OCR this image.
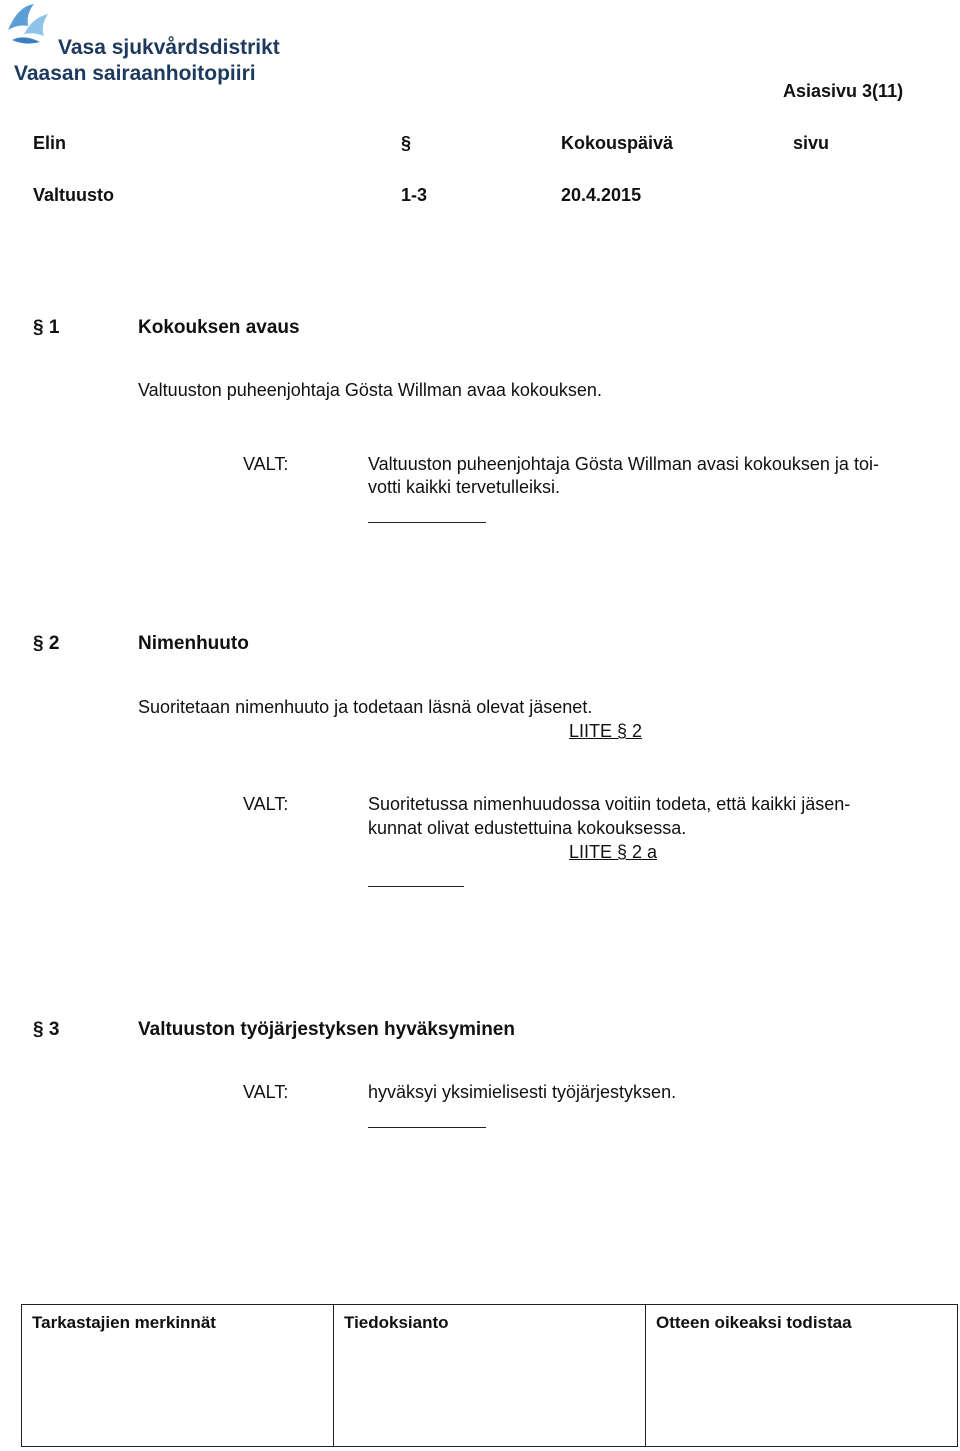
Vasa sjukvårdsdistrikt
Vaasan sairaanhoitopiiri
Asiasivu 3(11)
Elin	§	Kokouspäivä	sivu
Valtuusto	1-3	20.4.2015
§ 1	Kokouksen avaus
Valtuuston puheenjohtaja Gösta Willman avaa kokouksen.
VALT:	Valtuuston puheenjohtaja Gösta Willman avasi kokouksen ja toi-
votti kaikki tervetulleiksi.
§ 2	Nimenhuuto
Suoritetaan nimenhuuto ja todetaan läsnä olevat jäsenet.
LIITE § 2
VALT:	Suoritetussa nimenhuudossa voitiin todeta, että kaikki jäsen-
kunnat olivat edustettuina kokouksessa.
LIITE § 2 a
§ 3	Valtuuston työjärjestyksen hyväksyminen
VALT:	hyväksyi yksimielisesti työjärjestyksen.
Tarkastajien merkinnät	Tiedoksianto	Otteen oikeaksi todistaa
